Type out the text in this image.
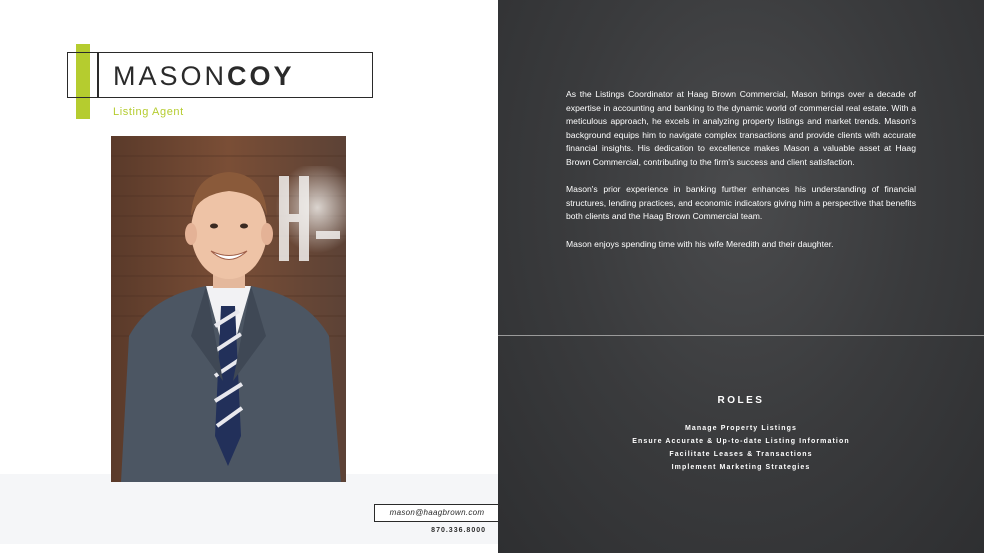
MASONCOY
Listing Agent
mason@haagbrown.com
870.336.8000

As the Listings Coordinator at Haag Brown Commercial, Mason brings over a decade of expertise in accounting and banking to the dynamic world of commercial real estate. With a meticulous approach, he excels in analyzing property listings and market trends. Mason's background equips him to navigate complex transactions and provide clients with accurate financial insights. His dedication to excellence makes Mason a valuable asset at Haag Brown Commercial, contributing to the firm's success and client satisfaction.

Mason's prior experience in banking further enhances his understanding of financial structures, lending practices, and economic indicators giving him a perspective that benefits both clients and the Haag Brown Commercial team.

Mason enjoys spending time with his wife Meredith and their daughter.

ROLES
Manage Property Listings
Ensure Accurate & Up-to-date Listing Information
Facilitate Leases & Transactions
Implement Marketing Strategies
